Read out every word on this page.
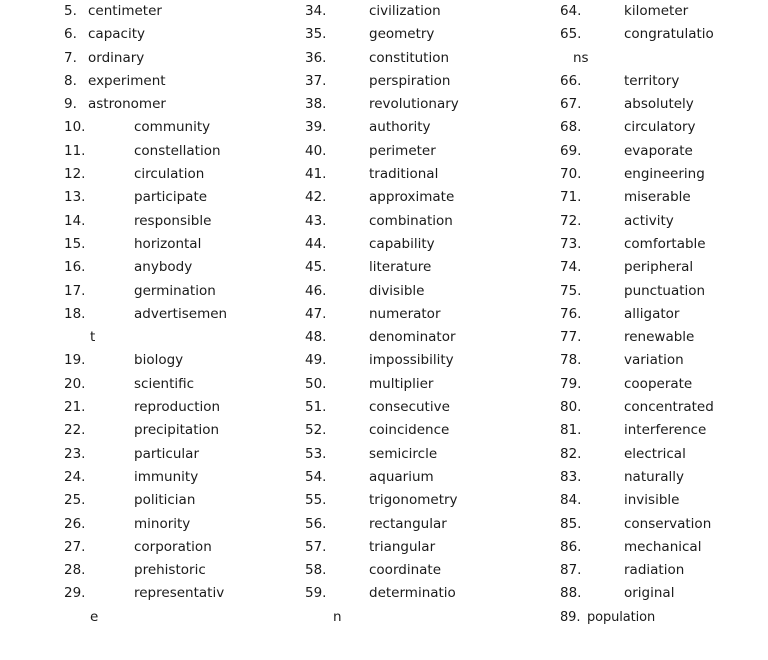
5. centimeter
6. capacity
7. ordinary
8. experiment
9. astronomer
10.	community
11.	constellation
12.	circulation
13.	participate
14.	responsible
15.	horizontal
16.	anybody
17.	germination
18.	advertisemen
t
19.	biology
20.	scientific
21.	reproduction
22.	precipitation
23.	particular
24.	immunity
25.	politician
26.	minority
27.	corporation
28.	prehistoric
29.	representativ
e
34.	civilization
35.	geometry
36.	constitution
37.	perspiration
38.	revolutionary
39.	authority
40.	perimeter
41.	traditional
42.	approximate
43.	combination
44.	capability
45.	literature
46.	divisible
47.	numerator
48.	denominator
49.	impossibility
50.	multiplier
51.	consecutive
52.	coincidence
53.	semicircle
54.	aquarium
55.	trigonometry
56.	rectangular
57.	triangular
58.	coordinate
59.	determinatio
n
64.	kilometer
65.	congratulatio
ns
66.	territory
67.	absolutely
68.	circulatory
69.	evaporate
70.	engineering
71.	miserable
72.	activity
73.	comfortable
74.	peripheral
75.	punctuation
76.	alligator
77.	renewable
78.	variation
79.	cooperate
80.	concentrated
81.	interference
82.	electrical
83.	naturally
84.	invisible
85.	conservation
86.	mechanical
87.	radiation
88.	original
89. population
